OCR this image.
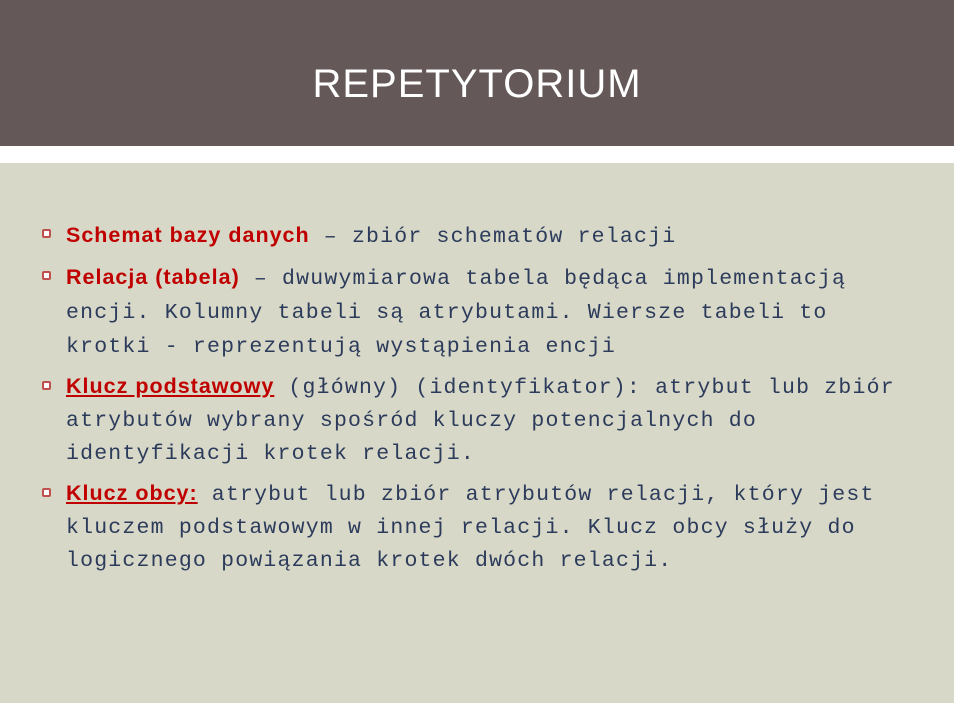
REPETYTORIUM
Schemat bazy danych – zbiór schematów relacji
Relacja (tabela) – dwuwymiarowa tabela będąca implementacją encji. Kolumny tabeli są atrybutami. Wiersze tabeli to krotki - reprezentują wystąpienia encji
Klucz podstawowy (główny) (identyfikator): atrybut lub zbiór atrybutów wybrany spośród kluczy potencjalnych do identyfikacji krotek relacji.
Klucz obcy: atrybut lub zbiór atrybutów relacji, który jest kluczem podstawowym w innej relacji. Klucz obcy służy do logicznego powiązania krotek dwóch relacji.
